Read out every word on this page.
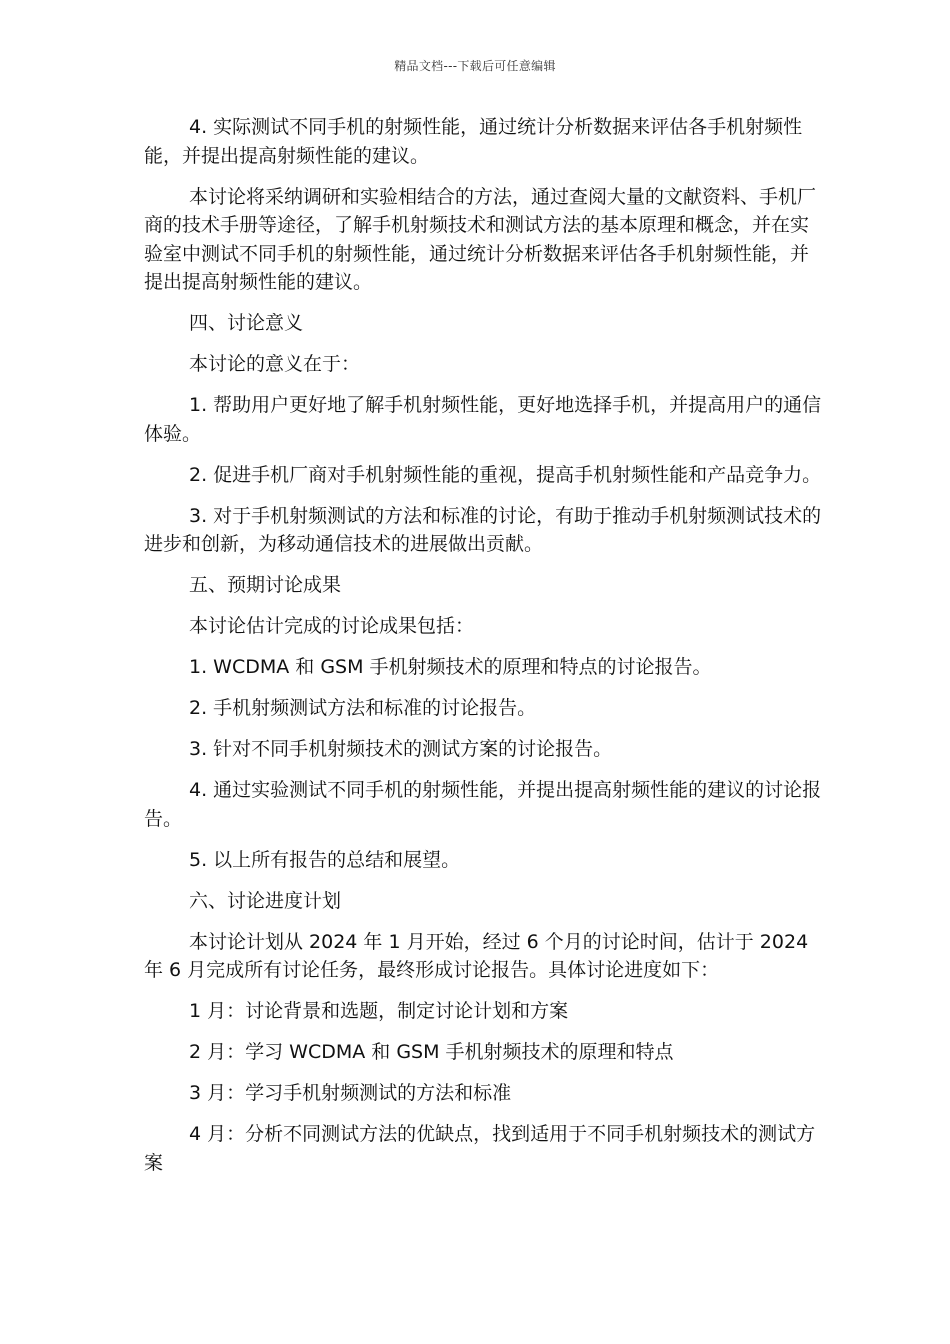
精品文档---下载后可任意编辑

4. 实际测试不同手机的射频性能，通过统计分析数据来评估各手机射频性能，并提出提高射频性能的建议。

本讨论将采纳调研和实验相结合的方法，通过查阅大量的文献资料、手机厂商的技术手册等途径，了解手机射频技术和测试方法的基本原理和概念，并在实验室中测试不同手机的射频性能，通过统计分析数据来评估各手机射频性能，并提出提高射频性能的建议。

四、讨论意义

本讨论的意义在于：

1. 帮助用户更好地了解手机射频性能，更好地选择手机，并提高用户的通信体验。

2. 促进手机厂商对手机射频性能的重视，提高手机射频性能和产品竞争力。

3. 对于手机射频测试的方法和标准的讨论，有助于推动手机射频测试技术的进步和创新，为移动通信技术的进展做出贡献。

五、预期讨论成果

本讨论估计完成的讨论成果包括：

1. WCDMA 和 GSM 手机射频技术的原理和特点的讨论报告。

2. 手机射频测试方法和标准的讨论报告。

3. 针对不同手机射频技术的测试方案的讨论报告。

4. 通过实验测试不同手机的射频性能，并提出提高射频性能的建议的讨论报告。

5. 以上所有报告的总结和展望。

六、讨论进度计划

本讨论计划从 2024 年 1 月开始，经过 6 个月的讨论时间，估计于 2024 年 6 月完成所有讨论任务，最终形成讨论报告。具体讨论进度如下：

1 月：讨论背景和选题，制定讨论计划和方案

2 月：学习 WCDMA 和 GSM 手机射频技术的原理和特点

3 月：学习手机射频测试的方法和标准

4 月：分析不同测试方法的优缺点，找到适用于不同手机射频技术的测试方案
